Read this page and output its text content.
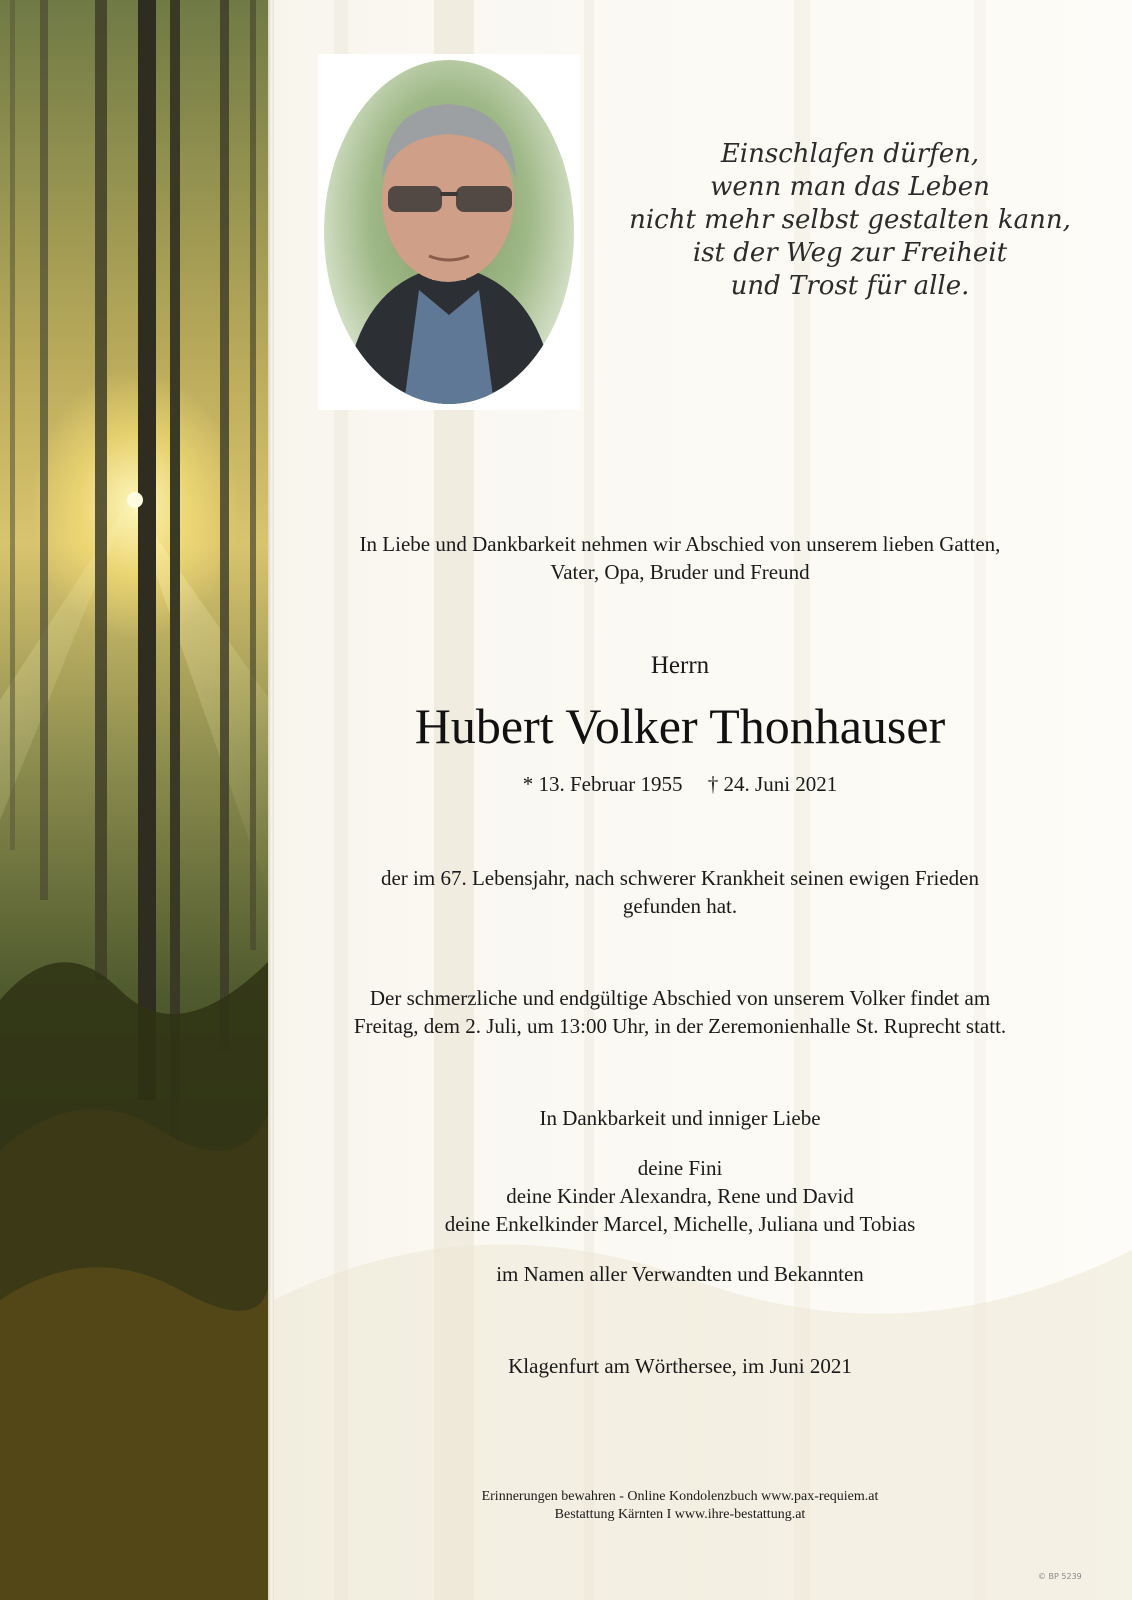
Einschlafen dürfen,
wenn man das Leben
nicht mehr selbst gestalten kann,
ist der Weg zur Freiheit
und Trost für alle.
In Liebe und Dankbarkeit nehmen wir Abschied von unserem lieben Gatten,
Vater, Opa, Bruder und Freund
Herrn
Hubert Volker Thonhauser
* 13. Februar 1955 † 24. Juni 2021
der im 67. Lebensjahr, nach schwerer Krankheit seinen ewigen Frieden
gefunden hat.
Der schmerzliche und endgültige Abschied von unserem Volker findet am
Freitag, dem 2. Juli, um 13:00 Uhr, in der Zeremonienhalle St. Ruprecht statt.
In Dankbarkeit und inniger Liebe
deine Fini
deine Kinder Alexandra, Rene und David
deine Enkelkinder Marcel, Michelle, Juliana und Tobias
im Namen aller Verwandten und Bekannten
Klagenfurt am Wörthersee, im Juni 2021
Erinnerungen bewahren - Online Kondolenzbuch www.pax-requiem.at
Bestattung Kärnten I www.ihre-bestattung.at
© BP 5239
